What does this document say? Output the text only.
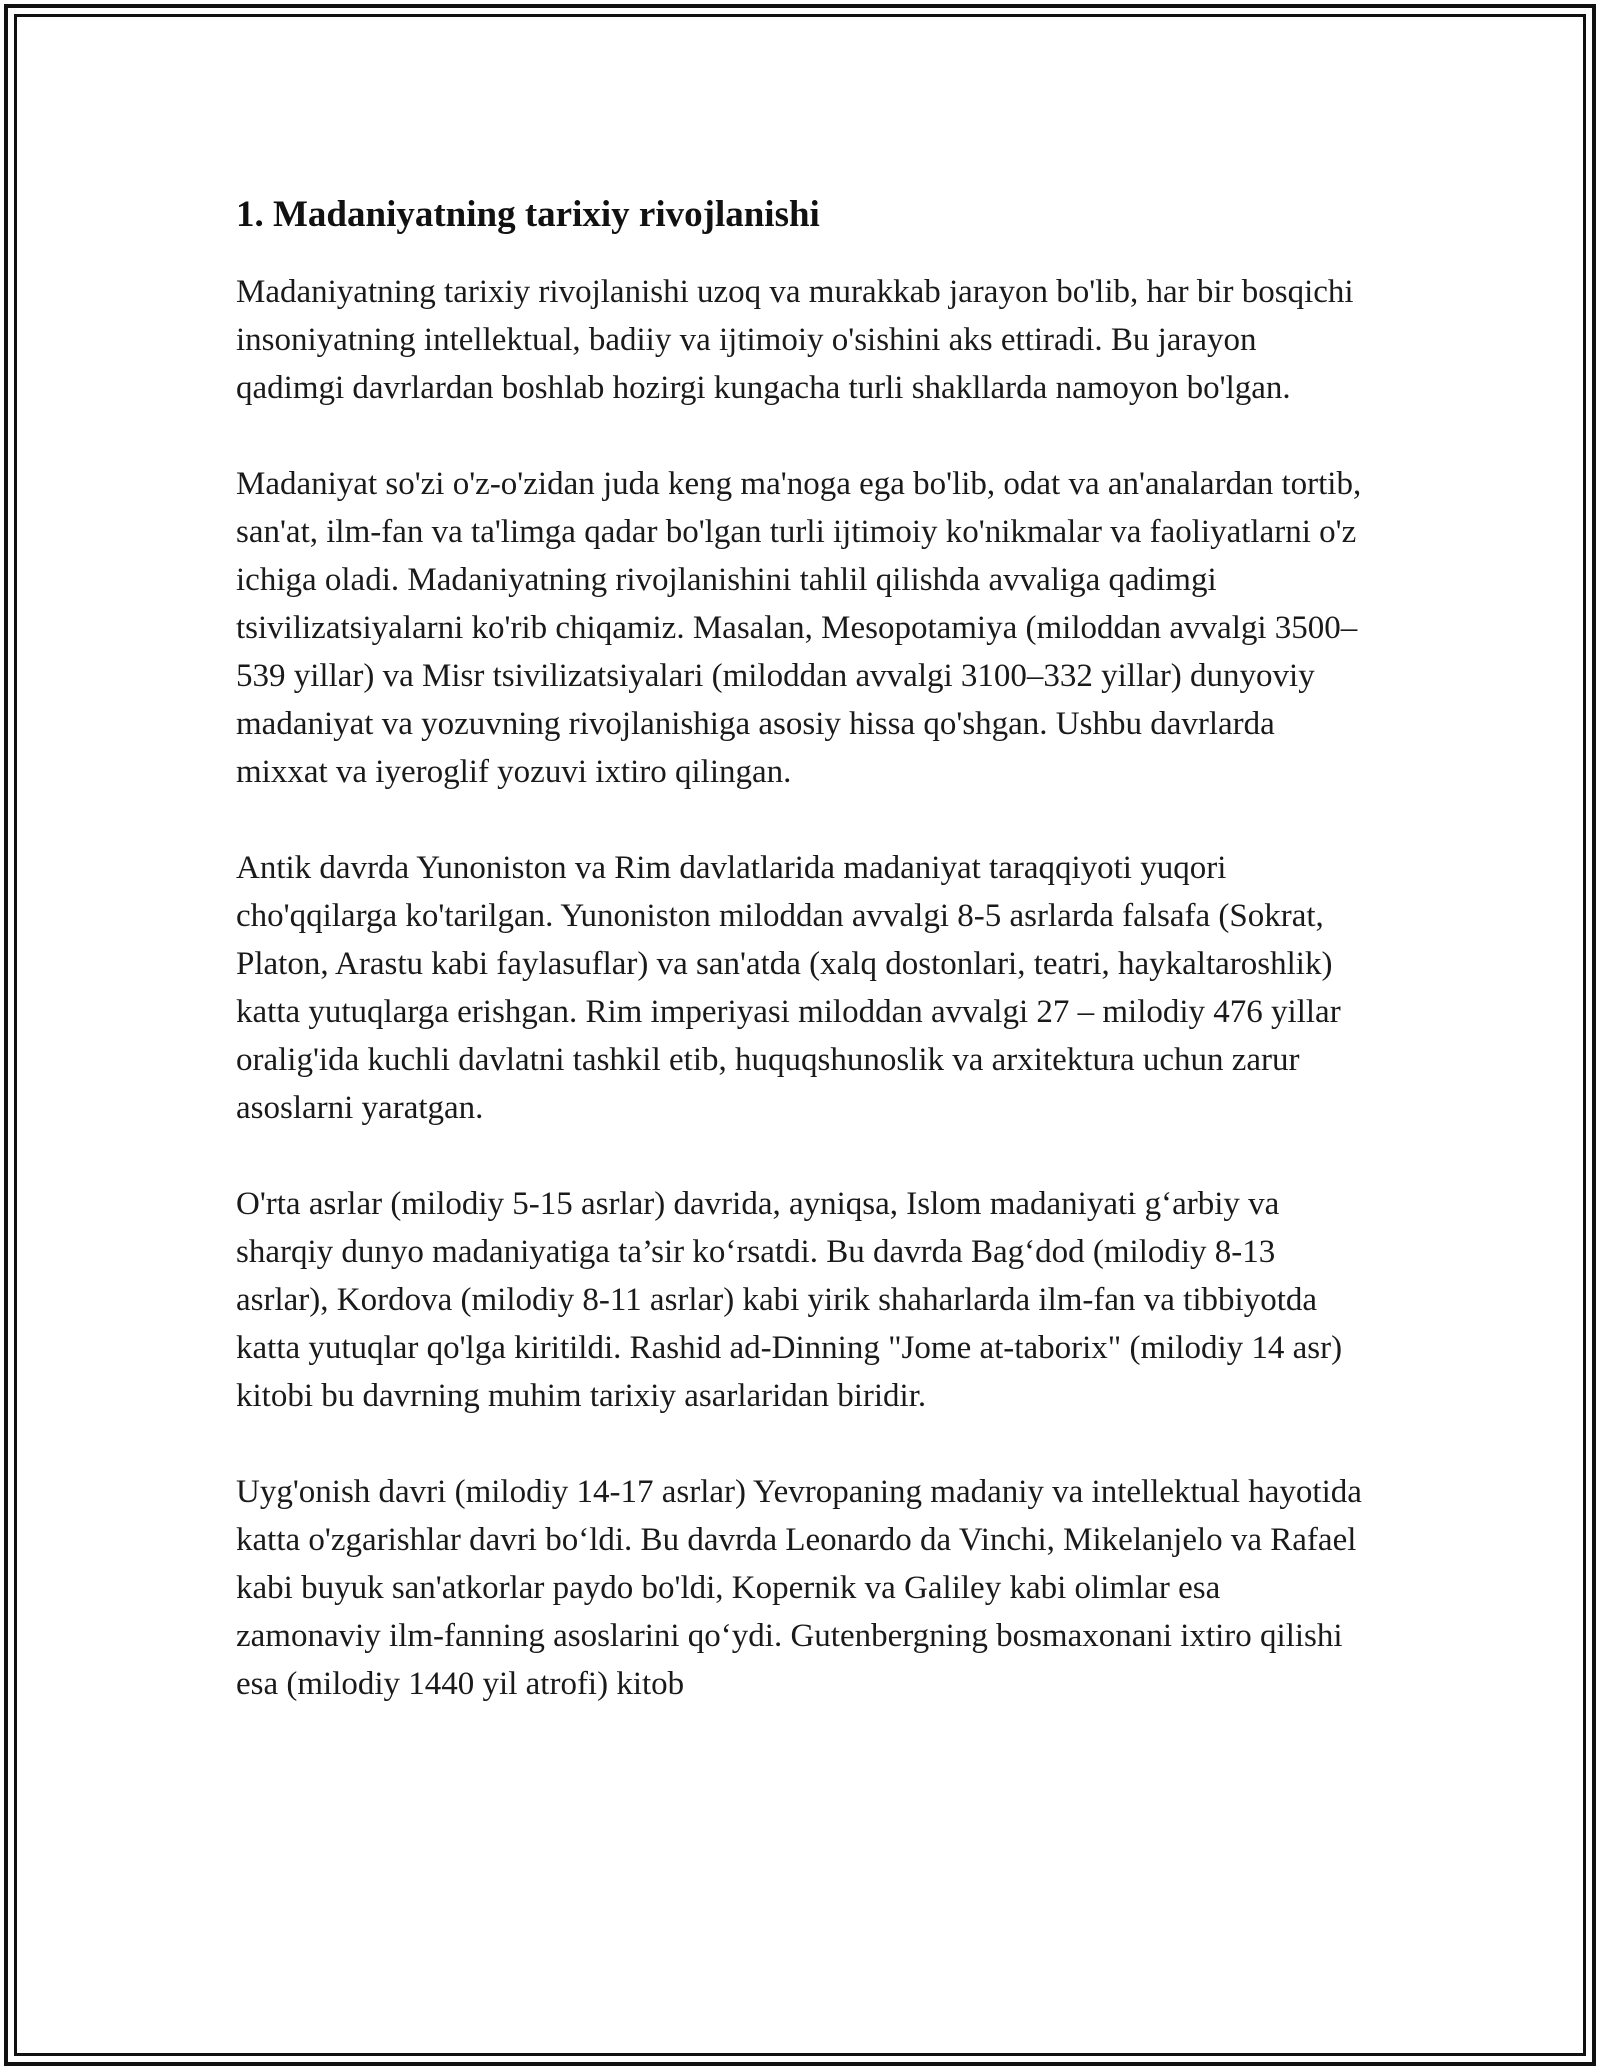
1. Madaniyatning tarixiy rivojlanishi

Madaniyatning tarixiy rivojlanishi uzoq va murakkab jarayon bo'lib, har bir bosqichi insoniyatning intellektual, badiiy va ijtimoiy o'sishini aks ettiradi. Bu jarayon qadimgi davrlardan boshlab hozirgi kungacha turli shakllarda namoyon bo'lgan.

Madaniyat so'zi o'z-o'zidan juda keng ma'noga ega bo'lib, odat va an'analardan tortib, san'at, ilm-fan va ta'limga qadar bo'lgan turli ijtimoiy ko'nikmalar va faoliyatlarni o'z ichiga oladi. Madaniyatning rivojlanishini tahlil qilishda avvaliga qadimgi tsivilizatsiyalarni ko'rib chiqamiz. Masalan, Mesopotamiya (miloddan avvalgi 3500–539 yillar) va Misr tsivilizatsiyalari (miloddan avvalgi 3100–332 yillar) dunyoviy madaniyat va yozuvning rivojlanishiga asosiy hissa qo'shgan. Ushbu davrlarda mixxat va iyeroglif yozuvi ixtiro qilingan.

Antik davrda Yunoniston va Rim davlatlarida madaniyat taraqqiyoti yuqori cho'qqilarga ko'tarilgan. Yunoniston miloddan avvalgi 8-5 asrlarda falsafa (Sokrat, Platon, Arastu kabi faylasuflar) va san'atda (xalq dostonlari, teatri, haykaltaroshlik) katta yutuqlarga erishgan. Rim imperiyasi miloddan avvalgi 27 – milodiy 476 yillar oralig'ida kuchli davlatni tashkil etib, huquqshunoslik va arxitektura uchun zarur asoslarni yaratgan.

O'rta asrlar (milodiy 5-15 asrlar) davrida, ayniqsa, Islom madaniyati g‘arbiy va sharqiy dunyo madaniyatiga ta’sir ko‘rsatdi. Bu davrda Bag‘dod (milodiy 8-13 asrlar), Kordova (milodiy 8-11 asrlar) kabi yirik shaharlarda ilm-fan va tibbiyotda katta yutuqlar qo'lga kiritildi. Rashid ad-Dinning "Jome at-taborix" (milodiy 14 asr) kitobi bu davrning muhim tarixiy asarlaridan biridir.

Uyg'onish davri (milodiy 14-17 asrlar) Yevropaning madaniy va intellektual hayotida katta o'zgarishlar davri bo‘ldi. Bu davrda Leonardo da Vinchi, Mikelanjelo va Rafael kabi buyuk san'atkorlar paydo bo'ldi, Kopernik va Galiley kabi olimlar esa zamonaviy ilm-fanning asoslarini qo‘ydi. Gutenbergning bosmaxonani ixtiro qilishi esa (milodiy 1440 yil atrofi) kitob
